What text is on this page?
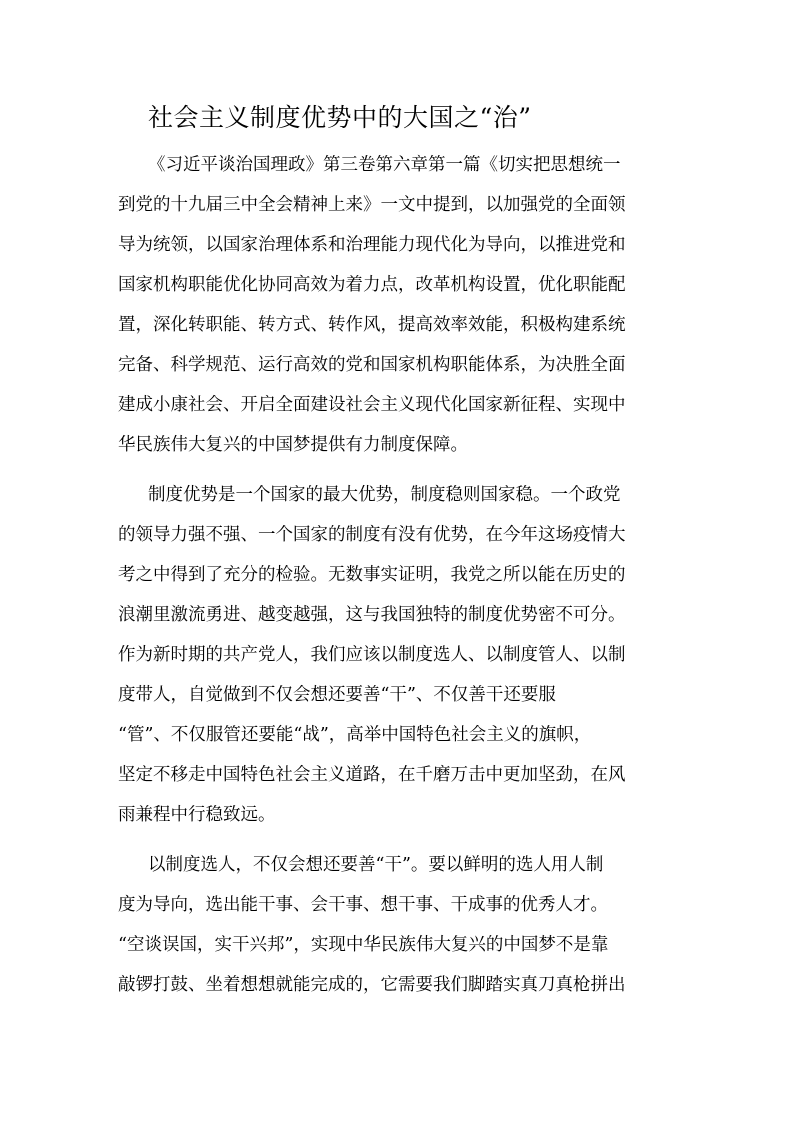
社会主义制度优势中的大国之“治”
《习近平谈治国理政》第三卷第六章第一篇《切实把思想统一
到党的十九届三中全会精神上来》一文中提到，以加强党的全面领
导为统领，以国家治理体系和治理能力现代化为导向，以推进党和
国家机构职能优化协同高效为着力点，改革机构设置，优化职能配
置，深化转职能、转方式、转作风，提高效率效能，积极构建系统
完备、科学规范、运行高效的党和国家机构职能体系，为决胜全面
建成小康社会、开启全面建设社会主义现代化国家新征程、实现中
华民族伟大复兴的中国梦提供有力制度保障。
制度优势是一个国家的最大优势，制度稳则国家稳。一个政党
的领导力强不强、一个国家的制度有没有优势，在今年这场疫情大
考之中得到了充分的检验。无数事实证明，我党之所以能在历史的
浪潮里激流勇进、越变越强，这与我国独特的制度优势密不可分。
作为新时期的共产党人，我们应该以制度选人、以制度管人、以制
度带人，自觉做到不仅会想还要善“干”、不仅善干还要服
“管”、不仅服管还要能“战”，高举中国特色社会主义的旗帜，
坚定不移走中国特色社会主义道路，在千磨万击中更加坚劲，在风
雨兼程中行稳致远。
以制度选人，不仅会想还要善“干”。要以鲜明的选人用人制
度为导向，选出能干事、会干事、想干事、干成事的优秀人才。
“空谈误国，实干兴邦”，实现中华民族伟大复兴的中国梦不是靠
敲锣打鼓、坐着想想就能完成的，它需要我们脚踏实真刀真枪拼出
